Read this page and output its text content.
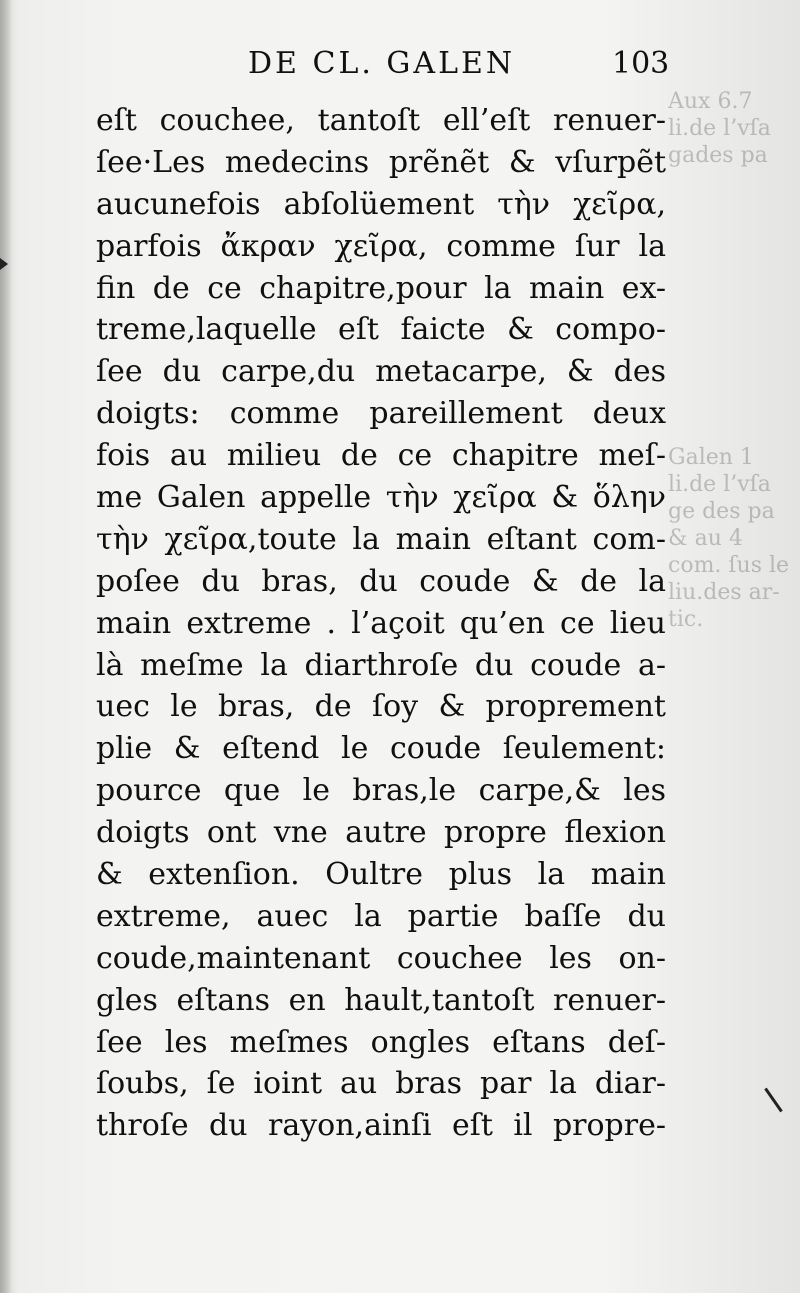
Aux 6.7
li.de l’vſa
gades pa
Galen 1
li.de l’vſa
ge des pa
& au 4
com. ſus le
liu.des ar-
tic.
DE CL. GALEN	103
eſt couchee, tantoſt ell’eſt renuer-
ſee·Les medecins prẽnẽt & vſurpẽt
aucunefois abſolüement τὴν χεῖρα,
parfois ἄκραν χεῖρα, comme ſur la
fin de ce chapitre,pour la main ex-
treme,laquelle eſt faicte & compo-
ſee du carpe,du metacarpe, & des
doigts: comme pareillement deux
fois au milieu de ce chapitre meſ-
me Galen appelle τὴν χεῖρα & ὅλην
τὴν χεῖρα,toute la main eſtant com-
poſee du bras, du coude & de la
main extreme . l’açoit qu’en ce lieu
là meſme la diarthroſe du coude a-
uec le bras, de ſoy & proprement
plie & eſtend le coude ſeulement:
pource que le bras,le carpe,& les
doigts ont vne autre propre flexion
& extenſion. Oultre plus la main
extreme, auec la partie baſſe du
coude,maintenant couchee les on-
gles eſtans en hault,tantoſt renuer-
ſee les meſmes ongles eſtans deſ-
ſoubs, ſe ioint au bras par la diar-
throſe du rayon,ainſi eſt il propre-
